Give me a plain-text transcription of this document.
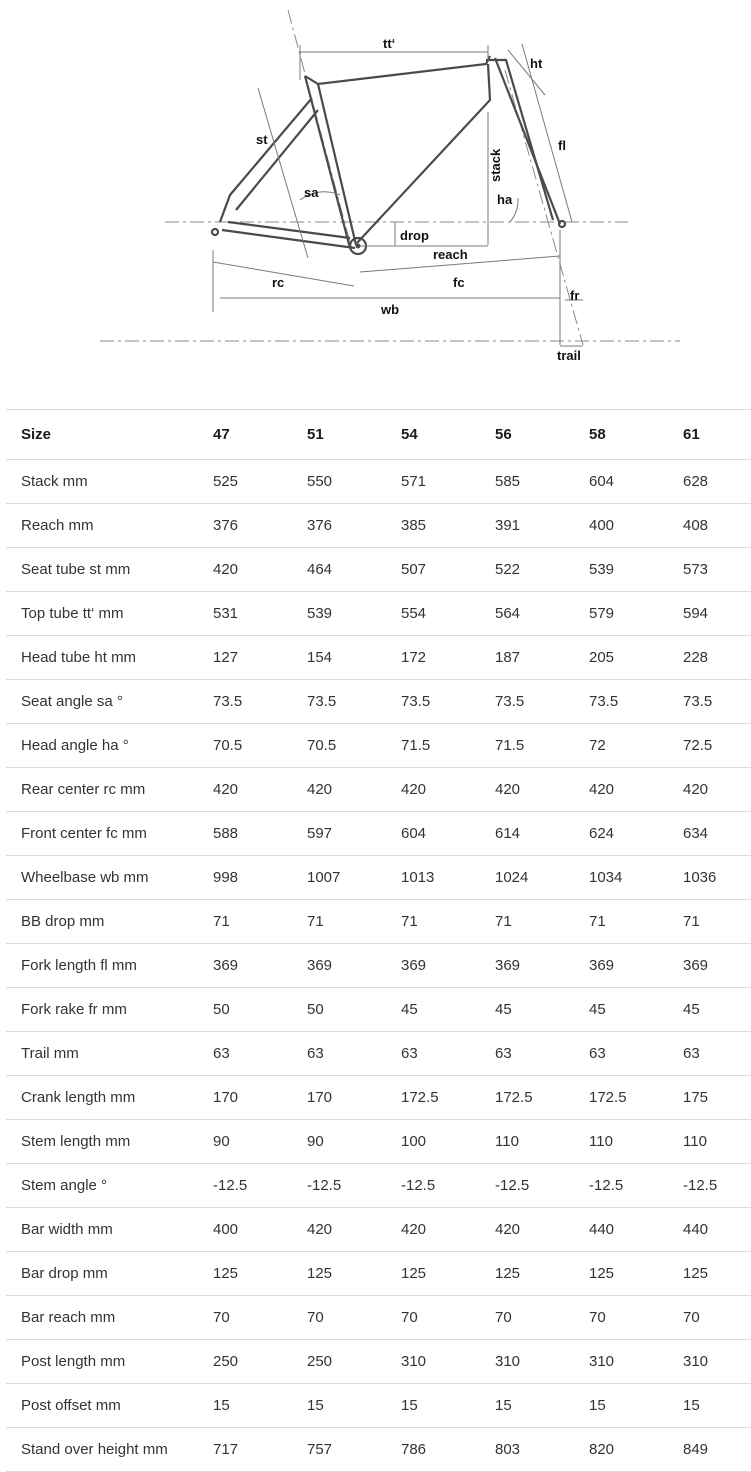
tt‘
ht
st	fl
stack
sa	ha
drop
reach
rc	fc
wb
fr
trail
Size	47	51	54	56	58	61
Stack mm	525	550	571	585	604	628
Reach mm	376	376	385	391	400	408
Seat tube st mm	420	464	507	522	539	573
Top tube tt‘ mm	531	539	554	564	579	594
Head tube ht mm	127	154	172	187	205	228
Seat angle sa °	73.5	73.5	73.5	73.5	73.5	73.5
Head angle ha °	70.5	70.5	71.5	71.5	72	72.5
Rear center rc mm	420	420	420	420	420	420
Front center fc mm	588	597	604	614	624	634
Wheelbase wb mm	998	1007	1013	1024	1034	1036
BB drop mm	71	71	71	71	71	71
Fork length fl mm	369	369	369	369	369	369
Fork rake fr mm	50	50	45	45	45	45
Trail mm	63	63	63	63	63	63
Crank length mm	170	170	172.5	172.5	172.5	175
Stem length mm	90	90	100	110	110	110
Stem angle °	-12.5	-12.5	-12.5	-12.5	-12.5	-12.5
Bar width mm	400	420	420	420	440	440
Bar drop mm	125	125	125	125	125	125
Bar reach mm	70	70	70	70	70	70
Post length mm	250	250	310	310	310	310
Post offset mm	15	15	15	15	15	15
Stand over height mm	717	757	786	803	820	849
